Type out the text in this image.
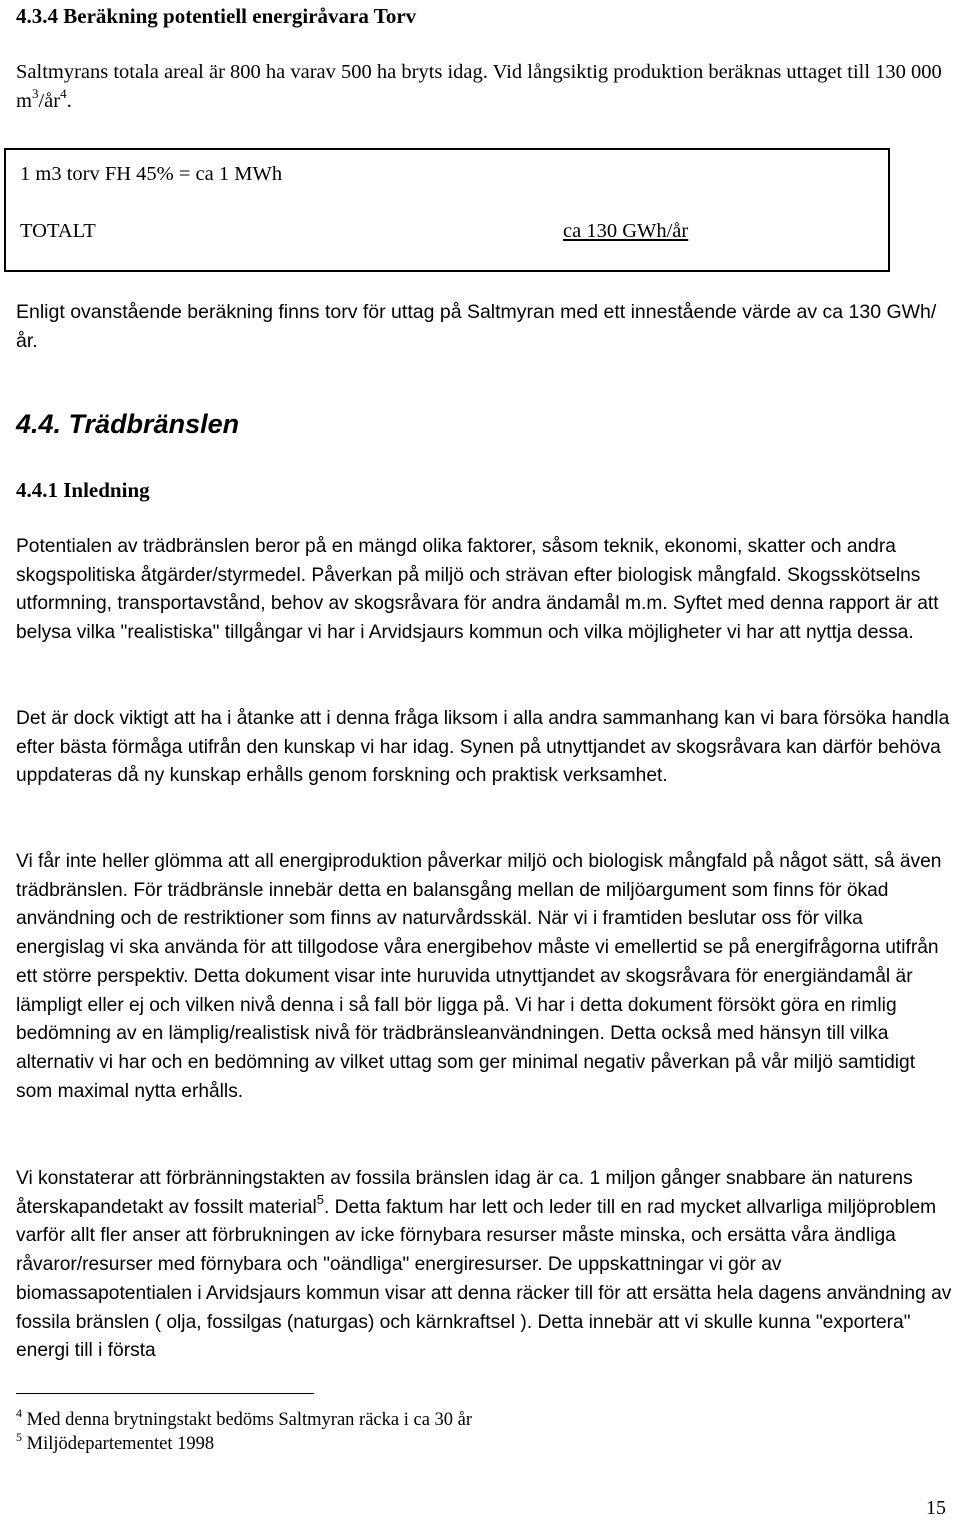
4.3.4 Beräkning potentiell energiråvara Torv

Saltmyrans totala areal är 800 ha varav 500 ha bryts idag. Vid långsiktig produktion beräknas uttaget till 130 000 $m^3/år^4$.

1 m3 torv FH 45% = ca 1 MWh
TOTALT	ca 130 GWh/år

Enligt ovanstående beräkning finns torv för uttag på Saltmyran med ett innestående värde av ca 130 GWh/år.

4.4. Trädbränslen
4.4.1 Inledning

Potentialen av trädbränslen beror på en mängd olika faktorer, såsom teknik, ekonomi, skatter och andra skogspolitiska åtgärder/styrmedel. Påverkan på miljö och strävan efter biologisk mångfald. Skogsskötselns utformning, transportavstånd, behov av skogsråvara för andra ändamål m.m. Syftet med denna rapport är att belysa vilka "realistiska" tillgångar vi har i Arvidsjaurs kommun och vilka möjligheter vi har att nyttja dessa.

Det är dock viktigt att ha i åtanke att i denna fråga liksom i alla andra sammanhang kan vi bara försöka handla efter bästa förmåga utifrån den kunskap vi har idag. Synen på utnyttjandet av skogsråvara kan därför behöva uppdateras då ny kunskap erhålls genom forskning och praktisk verksamhet.

Vi får inte heller glömma att all energiproduktion påverkar miljö och biologisk mångfald på något sätt, så även trädbränslen. För trädbränsle innebär detta en balansgång mellan de miljöargument som finns för ökad användning och de restriktioner som finns av naturvårdsskäl. När vi i framtiden beslutar oss för vilka energislag vi ska använda för att tillgodose våra energibehov måste vi emellertid se på energifrågorna utifrån ett större perspektiv. Detta dokument visar inte huruvida utnyttjandet av skogsråvara för energiändamål är lämpligt eller ej och vilken nivå denna i så fall bör ligga på. Vi har i detta dokument försökt göra en rimlig bedömning av en lämplig/realistisk nivå för trädbränsleanvändningen. Detta också med hänsyn till vilka alternativ vi har och en bedömning av vilket uttag som ger minimal negativ påverkan på vår miljö samtidigt som maximal nytta erhålls.

Vi konstaterar att förbränningstakten av fossila bränslen idag är ca. 1 miljon gånger snabbare än naturens återskapandetakt av fossilt material$^5$. Detta faktum har lett och leder till en rad mycket allvarliga miljöproblem varför allt fler anser att förbrukningen av icke förnybara resurser måste minska, och ersätta våra ändliga råvaror/resurser med förnybara och "oändliga" energiresurser. De uppskattningar vi gör av biomassapotentialen i Arvidsjaurs kommun visar att denna räcker till för att ersätta hela dagens användning av fossila bränslen ( olja, fossilgas (naturgas) och kärnkraftsel ). Detta innebär att vi skulle kunna "exportera" energi till i första

$^4$ Med denna brytningstakt bedöms Saltmyran räcka i ca 30 år
$^5$ Miljödepartementet 1998
15
